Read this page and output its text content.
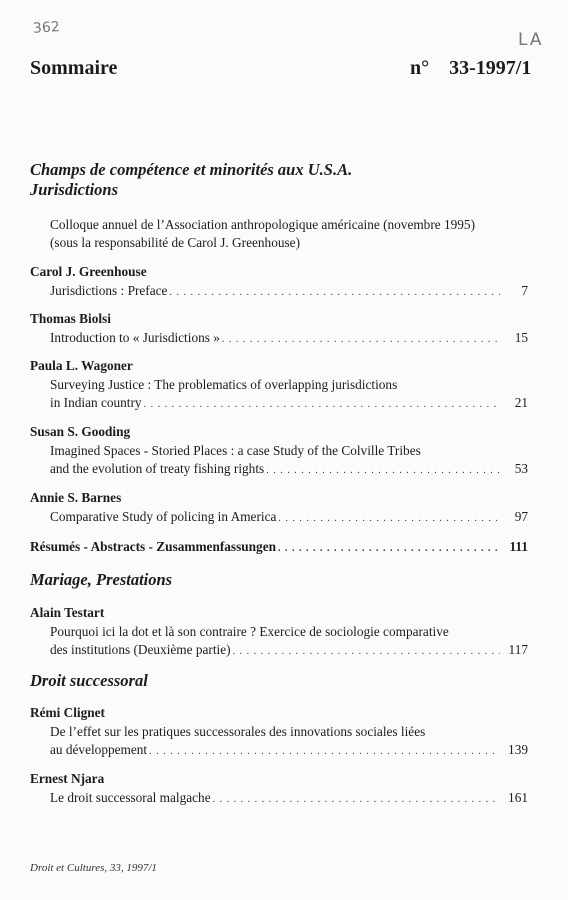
362
LA
Sommaire	n° 33-1997/1
Champs de compétence et minorités aux U.S.A.
Jurisdictions
Colloque annuel de l’Association anthropologique américaine (novembre 1995)
(sous la responsabilité de Carol J. Greenhouse)
Carol J. Greenhouse
Jurisdictions : Preface . . .	7
Thomas Biolsi
Introduction to « Jurisdictions » . . .	15
Paula L. Wagoner
Surveying Justice : The problematics of overlapping jurisdictions
in Indian country . . .	21
Susan S. Gooding
Imagined Spaces - Storied Places : a case Study of the Colville Tribes
and the evolution of treaty fishing rights . . .	53
Annie S. Barnes
Comparative Study of policing in America . . .	97
Résumés - Abstracts - Zusammenfassungen . . .	111
Mariage, Prestations
Alain Testart
Pourquoi ici la dot et là son contraire ? Exercice de sociologie comparative
des institutions (Deuxième partie) . . .	117
Droit successoral
Rémi Clignet
De l’effet sur les pratiques successorales des innovations sociales liées
au développement . . .	139
Ernest Njara
Le droit successoral malgache . . .	161
Droit et Cultures, 33, 1997/1
